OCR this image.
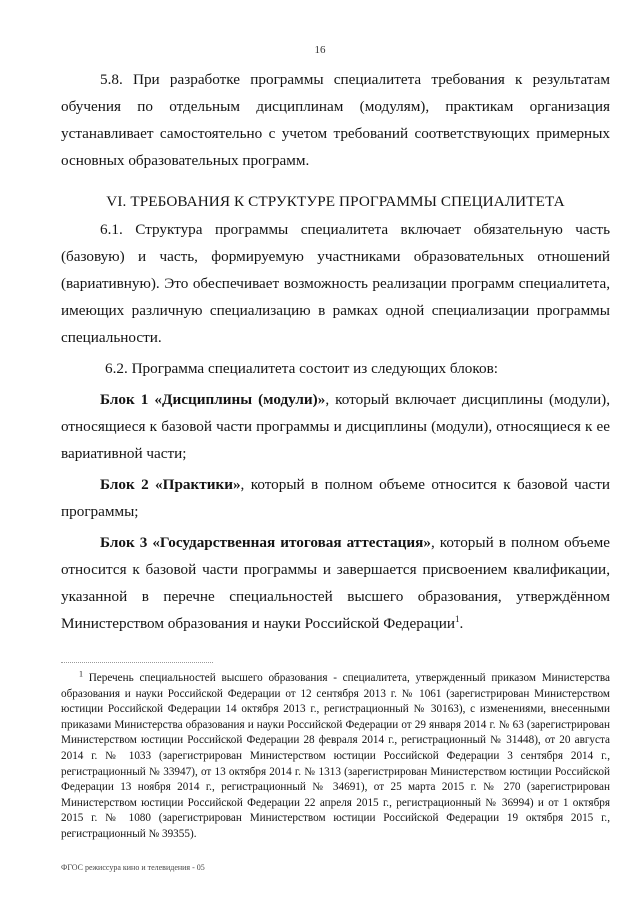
16

5.8. При разработке программы специалитета требования к результатам обучения по отдельным дисциплинам (модулям), практикам организация устанавливает самостоятельно с учетом требований соответствующих примерных основных образовательных программ.

VI. ТРЕБОВАНИЯ К СТРУКТУРЕ ПРОГРАММЫ СПЕЦИАЛИТЕТА

6.1. Структура программы специалитета включает обязательную часть (базовую) и часть, формируемую участниками образовательных отношений (вариативную). Это обеспечивает возможность реализации программ специалитета, имеющих различную специализацию в рамках одной специализации программы специальности.

6.2. Программа специалитета состоит из следующих блоков:

Блок 1 «Дисциплины (модули)», который включает дисциплины (модули), относящиеся к базовой части программы и дисциплины (модули), относящиеся к ее вариативной части;

Блок 2 «Практики», который в полном объеме относится к базовой части программы;

Блок 3 «Государственная итоговая аттестация», который в полном объеме относится к базовой части программы и завершается присвоением квалификации, указанной в перечне специальностей высшего образования, утверждённом Министерством образования и науки Российской Федерации$^1$.

$^1$ Перечень специальностей высшего образования - специалитета, утвержденный приказом Министерства образования и науки Российской Федерации от 12 сентября 2013 г. № 1061 (зарегистрирован Министерством юстиции Российской Федерации 14 октября 2013 г., регистрационный № 30163), с изменениями, внесенными приказами Министерства образования и науки Российской Федерации от 29 января 2014 г. № 63 (зарегистрирован Министерством юстиции Российской Федерации 28 февраля 2014 г., регистрационный № 31448), от 20 августа 2014 г. № 1033 (зарегистрирован Министерством юстиции Российской Федерации 3 сентября 2014 г., регистрационный № 33947), от 13 октября 2014 г. № 1313 (зарегистрирован Министерством юстиции Российской Федерации 13 ноября 2014 г., регистрационный № 34691), от 25 марта 2015 г. № 270 (зарегистрирован Министерством юстиции Российской Федерации 22 апреля 2015 г., регистрационный № 36994) и от 1 октября 2015 г. № 1080 (зарегистрирован Министерством юстиции Российской Федерации 19 октября 2015 г., регистрационный № 39355).
ФГОС режиссура кино и телевидения - 05
